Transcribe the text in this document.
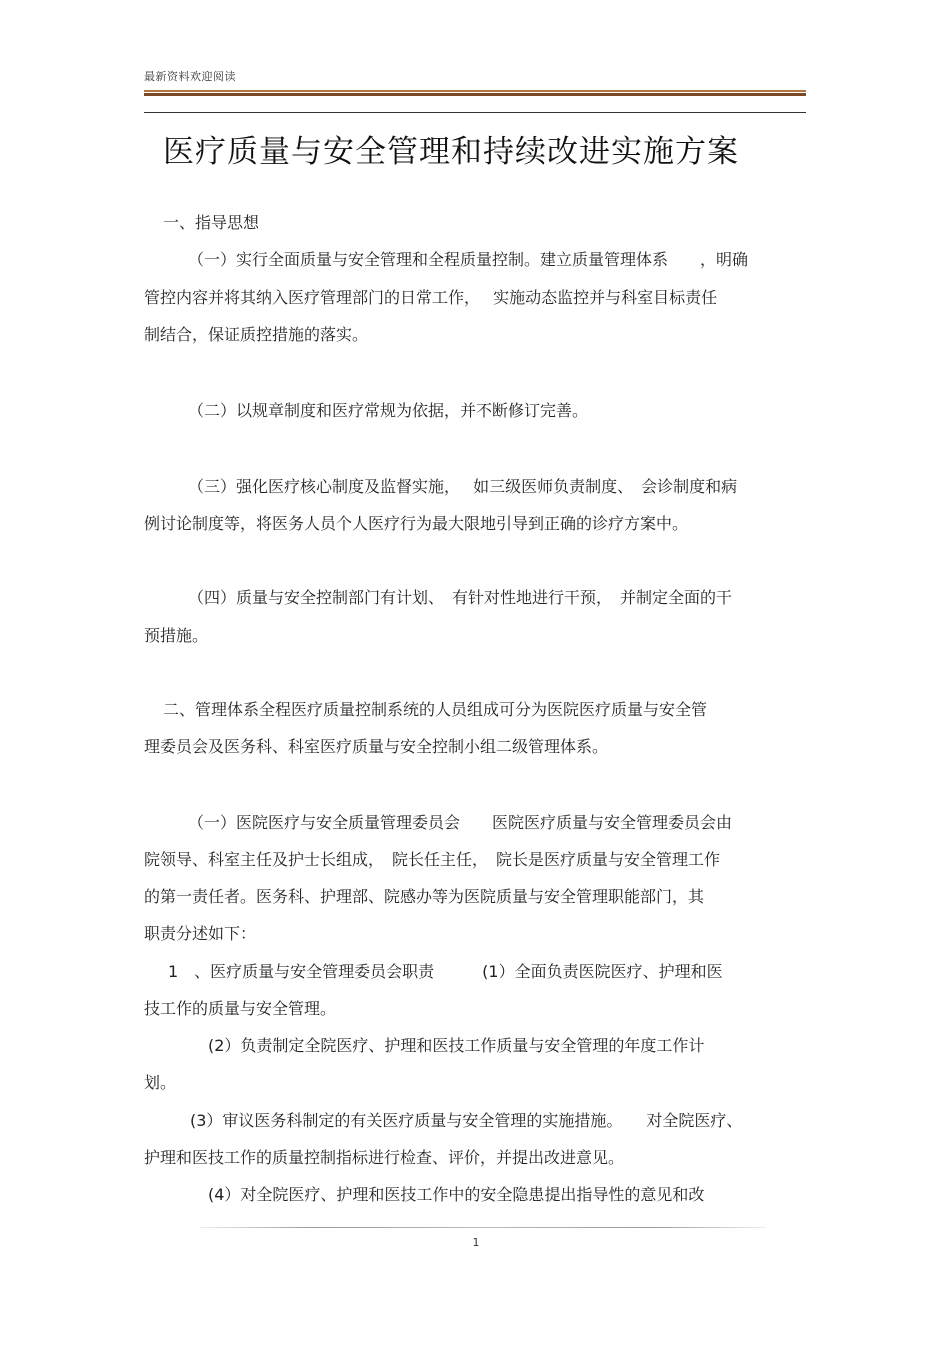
最新资料欢迎阅读
医疗质量与安全管理和持续改进实施方案
一、指导思想
（一）实行全面质量与安全管理和全程质量控制。建立质量管理体系　　，明确
管控内容并将其纳入医疗管理部门的日常工作，　 实施动态监控并与科室目标责任
制结合，保证质控措施的落实。
（二）以规章制度和医疗常规为依据，并不断修订完善。
（三）强化医疗核心制度及监督实施，　 如三级医师负责制度、　会诊制度和病
例讨论制度等，将医务人员个人医疗行为最大限地引导到正确的诊疗方案中。
（四）质量与安全控制部门有计划、　有针对性地进行干预，　并制定全面的干
预措施。
二、管理体系全程医疗质量控制系统的人员组成可分为医院医疗质量与安全管
理委员会及医务科、科室医疗质量与安全控制小组二级管理体系。
（一）医院医疗与安全质量管理委员会　　医院医疗质量与安全管理委员会由
院领导、科室主任及护士长组成，　院长任主任，　院长是医疗质量与安全管理工作
的第一责任者。医务科、护理部、院感办等为医院质量与安全管理职能部门，其
职责分述如下：
1　、医疗质量与安全管理委员会职责　　　(1）全面负责医院医疗、护理和医
技工作的质量与安全管理。
(2）负责制定全院医疗、护理和医技工作质量与安全管理的年度工作计
划。
(3）审议医务科制定的有关医疗质量与安全管理的实施措施。　　对全院医疗、
护理和医技工作的质量控制指标进行检查、评价，并提出改进意见。
(4）对全院医疗、护理和医技工作中的安全隐患提出指导性的意见和改
1
